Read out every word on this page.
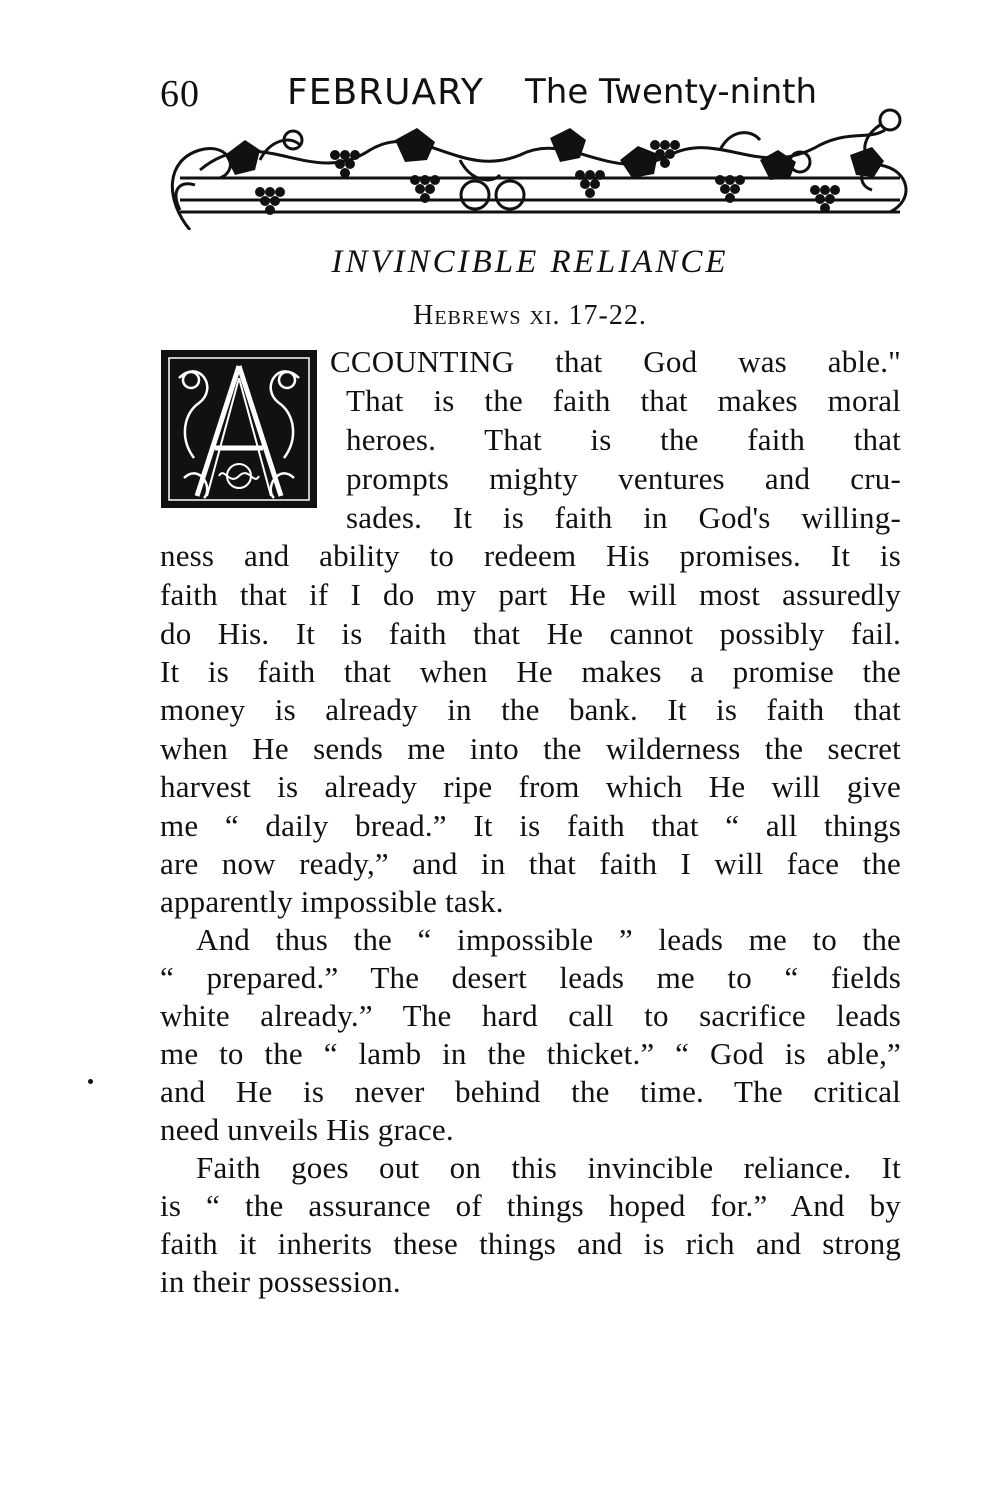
60 FEBRUARY The Twenty-ninth
INVINCIBLE RELIANCE
Hebrews xi. 17-22.
CCOUNTING that God was able."
That is the faith that makes moral
heroes. That is the faith that
prompts mighty ventures and cru-
sades. It is faith in God's willing-
ness and ability to redeem His promises. It is
faith that if I do my part He will most assuredly
do His. It is faith that He cannot possibly fail.
It is faith that when He makes a promise the
money is already in the bank. It is faith that
when He sends me into the wilderness the secret
harvest is already ripe from which He will give
me “ daily bread.” It is faith that “ all things
are now ready,” and in that faith I will face the
apparently impossible task.
And thus the “ impossible ” leads me to the
“ prepared.” The desert leads me to “ fields
white already.” The hard call to sacrifice leads
me to the “ lamb in the thicket.” “ God is able,”
and He is never behind the time. The critical
need unveils His grace.
Faith goes out on this invincible reliance. It
is “ the assurance of things hoped for.” And by
faith it inherits these things and is rich and strong
in their possession.
